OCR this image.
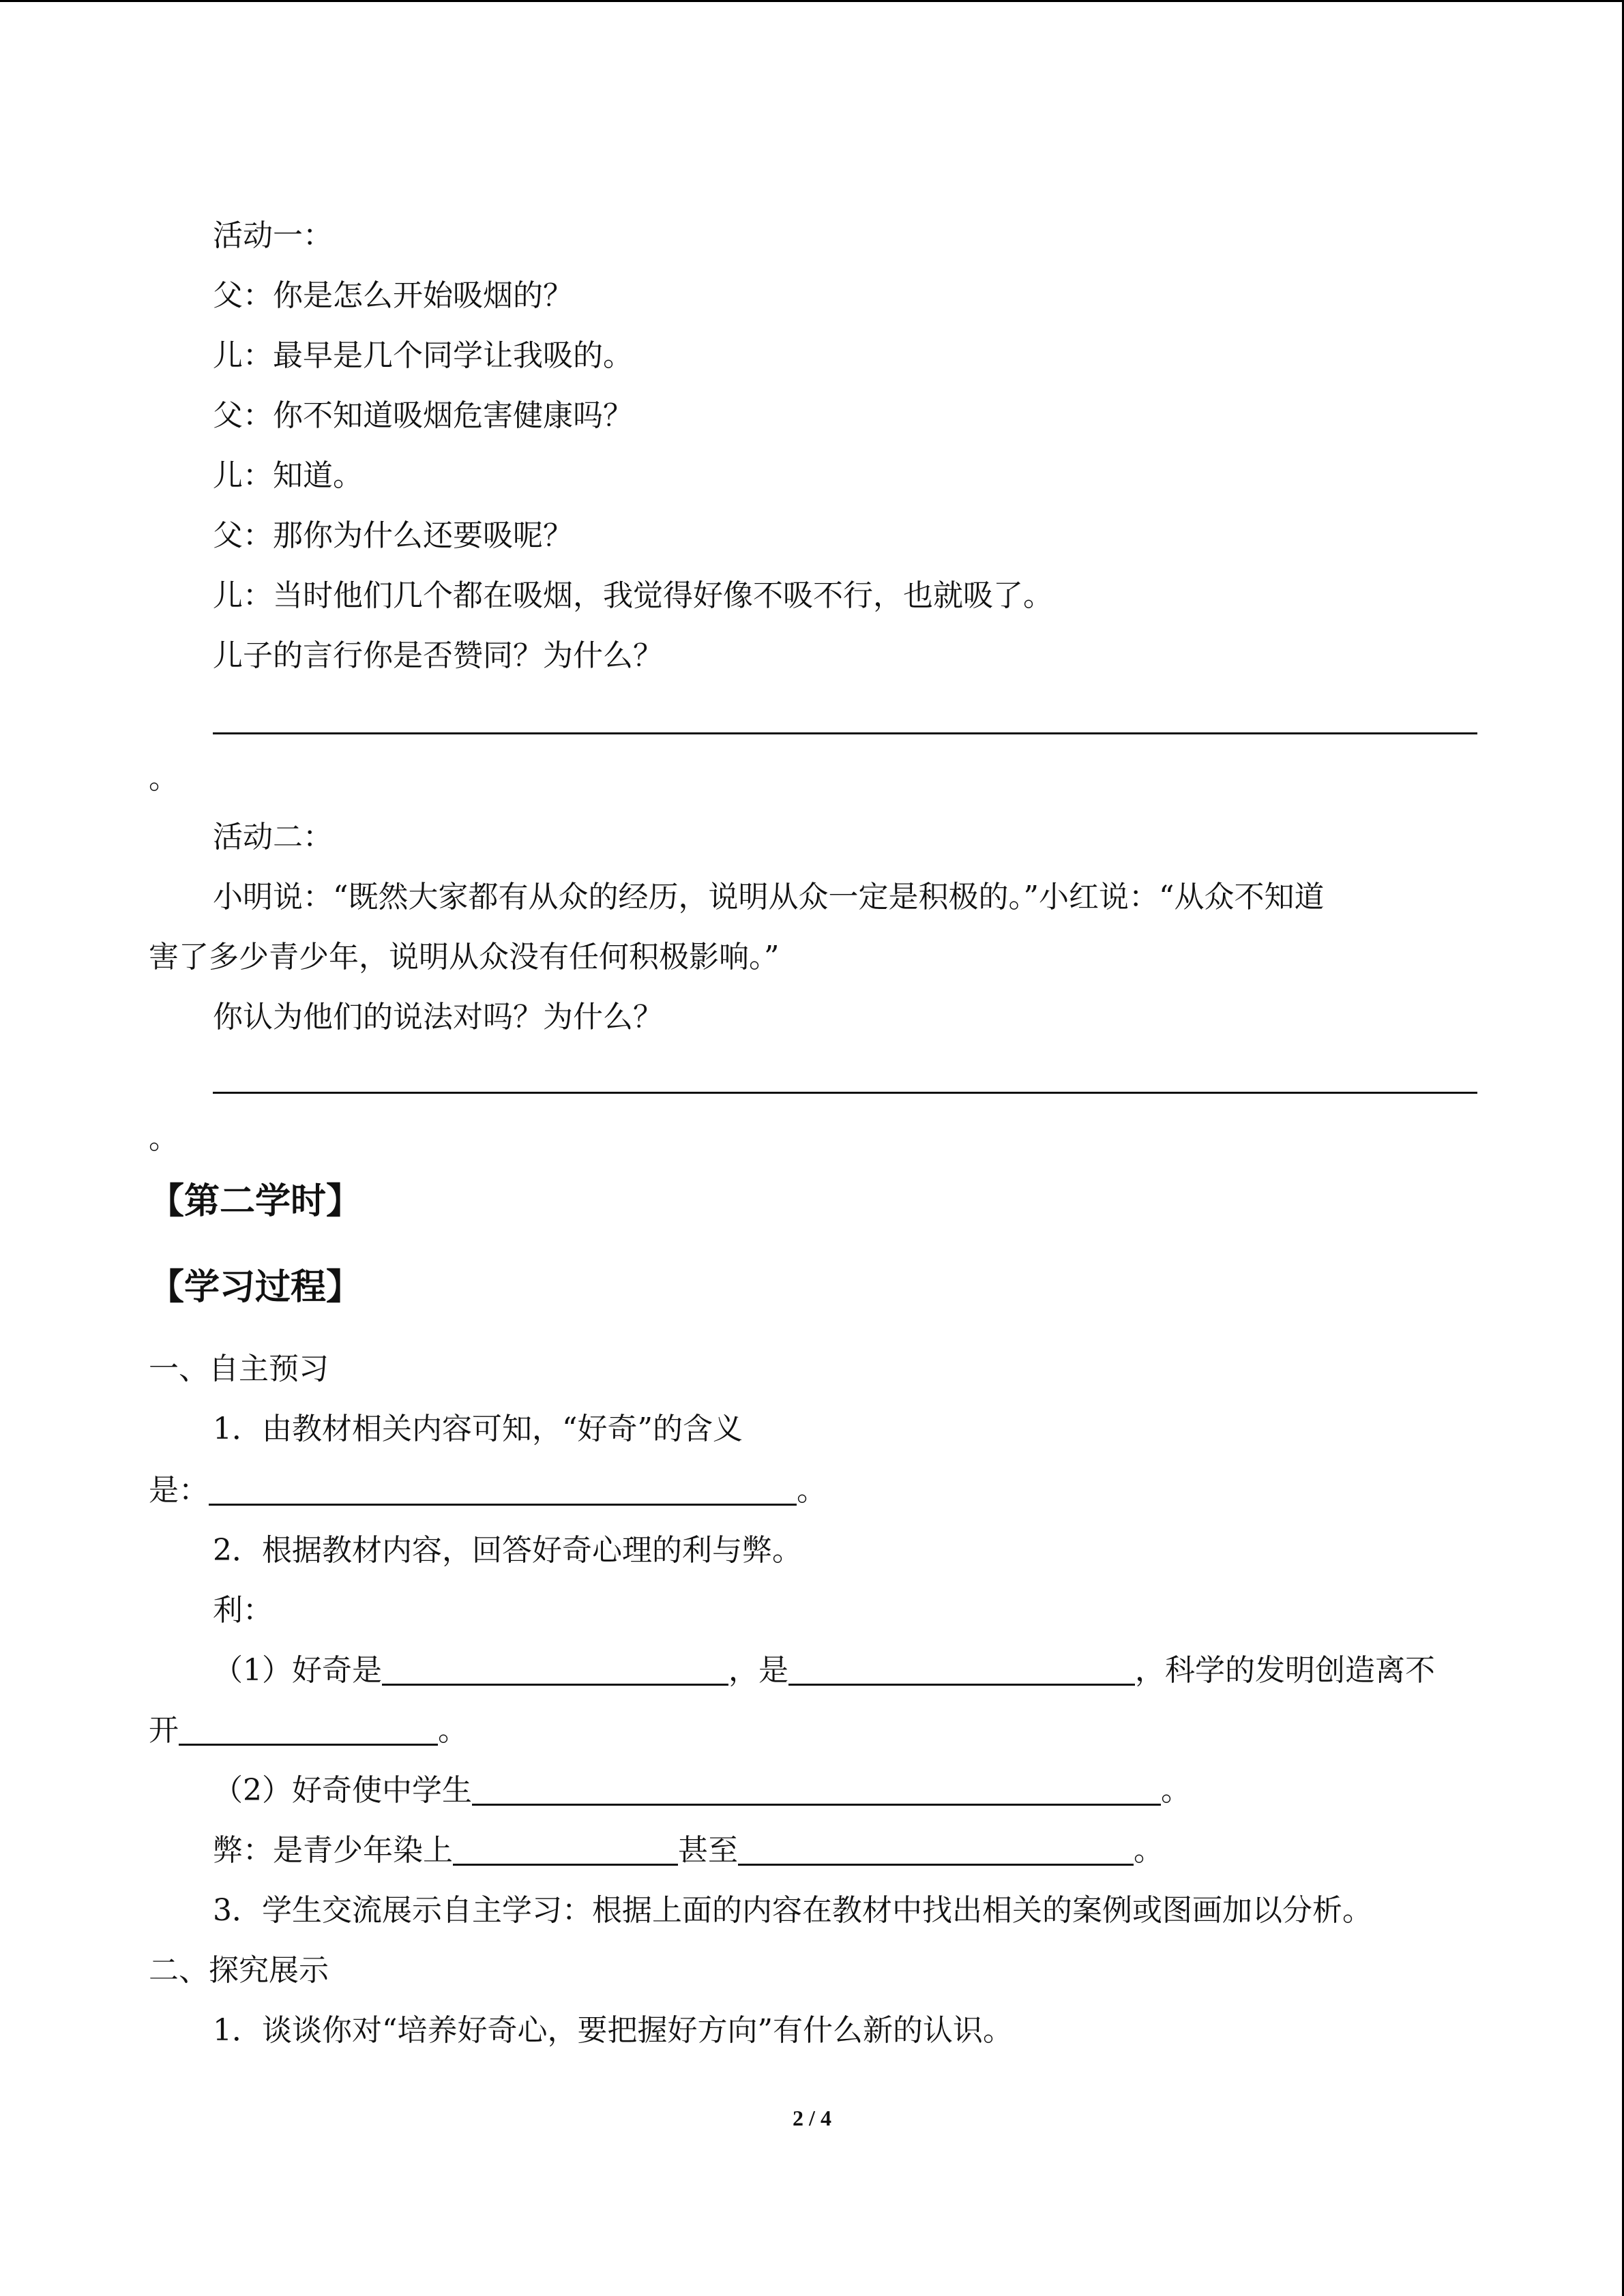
活动一：
父：你是怎么开始吸烟的？
儿：最早是几个同学让我吸的。
父：你不知道吸烟危害健康吗？
儿：知道。
父：那你为什么还要吸呢？
儿：当时他们几个都在吸烟，我觉得好像不吸不行，也就吸了。
儿子的言行你是否赞同？为什么？
。
活动二：
小明说：“既然大家都有从众的经历，说明从众一定是积极的。”小红说：“从众不知道
害了多少青少年，说明从众没有任何积极影响。”
你认为他们的说法对吗？为什么？
。
【第二学时】
【学习过程】
一、自主预习
1．由教材相关内容可知，“好奇”的含义
是：	。
2．根据教材内容，回答好奇心理的利与弊。
利：
（1）好奇是	，是	，科学的发明创造离不
开	。
（2）好奇使中学生	。
弊：是青少年染上	甚至	。
3．学生交流展示自主学习：根据上面的内容在教材中找出相关的案例或图画加以分析。
二、探究展示
1．谈谈你对“培养好奇心，要把握好方向”有什么新的认识。
2 / 4
